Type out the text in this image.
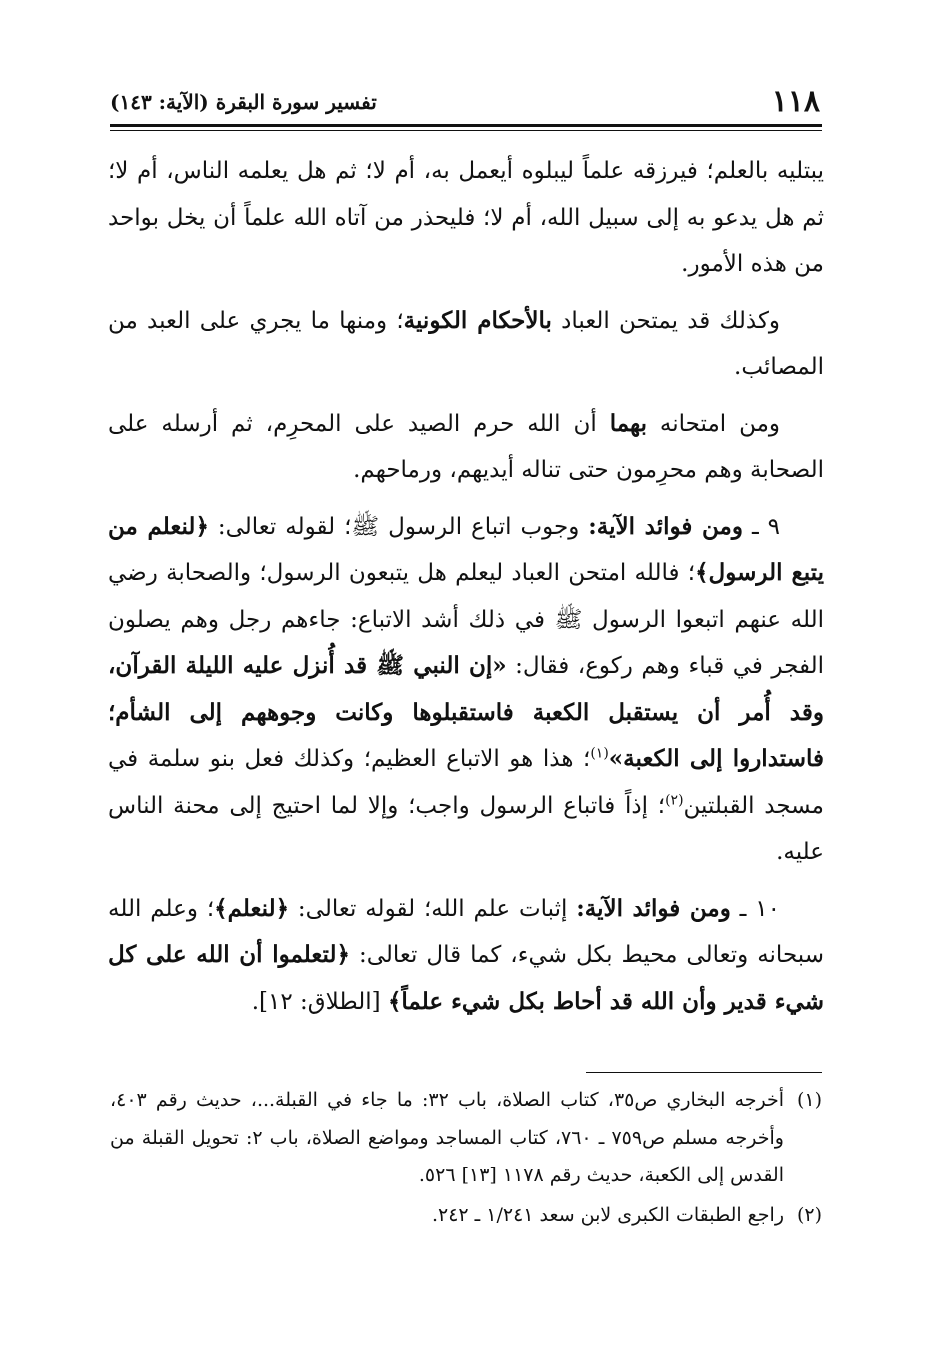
١١٨
تفسير سورة البقرة (الآية: ١٤٣)

يبتليه بالعلم؛ فيرزقه علماً ليبلوه أيعمل به، أم لا؛ ثم هل يعلمه الناس، أم لا؛ ثم هل يدعو به إلى سبيل الله، أم لا؛ فليحذر من آتاه الله علماً أن يخل بواحد من هذه الأمور.

وكذلك قد يمتحن العباد بالأحكام الكونية؛ ومنها ما يجري على العبد من المصائب.

ومن امتحانه بهما أن الله حرم الصيد على المحرِم، ثم أرسله على الصحابة وهم محرِمون حتى تناله أيديهم، ورماحهم.

٩ ـ ومن فوائد الآية: وجوب اتباع الرسول ﷺ؛ لقوله تعالى: ﴿لنعلم من يتبع الرسول﴾؛ فالله امتحن العباد ليعلم هل يتبعون الرسول؛ والصحابة رضي الله عنهم اتبعوا الرسول ﷺ في ذلك أشد الاتباع: جاءهم رجل وهم يصلون الفجر في قباء وهم ركوع، فقال: «إن النبي ﷺ قد أُنزل عليه الليلة القرآن، وقد أُمر أن يستقبل الكعبة فاستقبلوها وكانت وجوههم إلى الشأم؛ فاستداروا إلى الكعبة»$^{(١)}$؛ هذا هو الاتباع العظيم؛ وكذلك فعل بنو سلمة في مسجد القبلتين$^{(٢)}$؛ إذاً فاتباع الرسول واجب؛ وإلا لما احتيج إلى محنة الناس عليه.

١٠ ـ ومن فوائد الآية: إثبات علم الله؛ لقوله تعالى: ﴿لنعلم﴾؛ وعلم الله سبحانه وتعالى محيط بكل شيء، كما قال تعالى: ﴿لتعلموا أن الله على كل شيء قدير وأن الله قد أحاط بكل شيء علماً﴾ [الطلاق: ١٢].

(١)
أخرجه البخاري ص٣٥، كتاب الصلاة، باب ٣٢: ما جاء في القبلة...، حديث رقم ٤٠٣، وأخرجه مسلم ص٧٥٩ ـ ٧٦٠، كتاب المساجد ومواضع الصلاة، باب ٢: تحويل القبلة من القدس إلى الكعبة، حديث رقم ١١٧٨ [١٣] ٥٢٦.
(٢)
راجع الطبقات الكبرى لابن سعد ١/٢٤١ ـ ٢٤٢.
